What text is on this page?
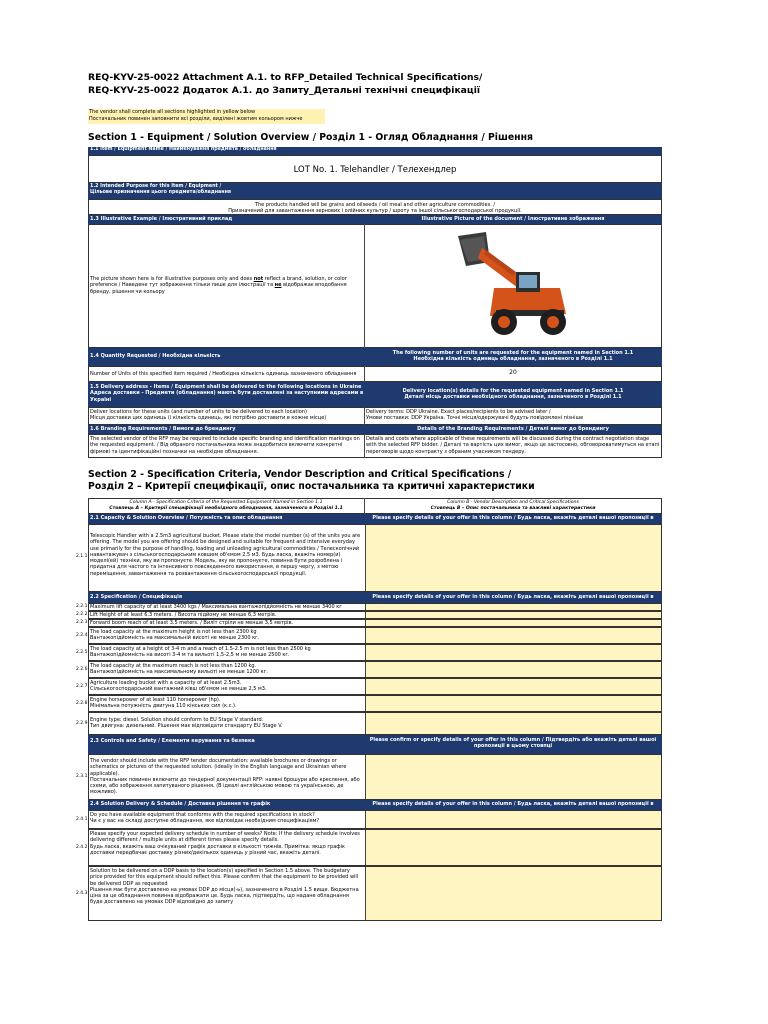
REQ-KYV-25-0022 Attachment A.1. to RFP_Detailed Technical Specifications/
REQ-KYV-25-0022 Додаток А.1. до Запиту_Детальні технічні специфікації
The vendor shall complete all sections highlighted in yellow below
Постачальник повинен заповнити всі розділи, виділені жовтим кольором нижче
Section 1 - Equipment / Solution Overview / Розділ 1 - Огляд Обладнання / Рішення
1.1 Item / Equipment Name / Найменування предмета / обладнання
LOT No. 1. Telehandler / Телехендлер
1.2 Intended Purpose for this Item / Equipment /
Цільове призначення цього предмета/обладнання
The products handled will be grains and oilseeds / oil meal and other agriculture commodities. /
Призначений для завантаження зернових і олійних культур / шроту та іншої сільськогосподарської продукції.
1.3 Illustrative Example / Ілюстративний приклад	Illustrative Picture of the document / Ілюстративне зображення
The picture shown here is for illustrative purposes only and does not reflect a brand, solution, or color preference / Наведене тут зображення тільки лише для ілюстрації та не відображає вподобання бренду, рішення чи кольору
1.4 Quantity Requested / Необхідна кількість	The following number of units are requested for the equipment named in Section 1.1
Необхідна кількість одиниць обладнання, зазначеного в Розділі 1.1
Number of Units of this specified item required / Необхідна кількість одиниць зазначеного обладнання	20
1.5 Delivery address - Items / Equipment shall be delivered to the following locations in Ukraine
Адреса доставки - Предмети (обладнання) мають бути доставлені за наступними адресами в Україні
Delivery location(s) details for the requested equipment named in Section 1.1
Деталі місць доставки необхідного обладнання, зазначеного в Розділі 1.1
Deliver locations for these units (and number of units to be delivered to each location)
Місця доставки цих одиниць (і кількість одиниць, які потрібно доставити в кожне місце)
Delivery terms: DDP Ukraine. Exact places/recipients to be advised later /
Умови поставки: DDP Україна. Точні місця/одержувачі будуть повідомлені пізніше
1.6 Branding Requirements / Вимоги до брендингу	Details of the Branding Requirements / Деталі вимог до брендингу
The selected vendor of the RFP may be required to include specific branding and identification markings on the requested equipment. / Від обраного постачальника може знадобитися включити конкретні фірмові та ідентифікаційні позначки на необхідне обладнання.
Details and costs where applicable of these requirements will be discussed during the contract negotiation stage with the selected RFP bidder. / Деталі та вартість цих вимог, якщо це застосовно, обговорюватимуться на етапі переговорів щодо контракту з обраним учасником тендеру.
Section 2 - Specification Criteria, Vendor Description and Critical Specifications /
Розділ 2 – Критерії специфікації, опис постачальника та критичні характеристики
Column A - Specification Criteria of the Requested Equipment Named in Section 1.1
Стовпець А – Критерії специфікації необхідного обладнання, зазначеного в Розділі 1.1
Column B - Vendor Description and Critical Specifications
Стовпець B – Опис постачальника та важливі характеристики
2.1 Capacity & Solution Overview / Потужність та опис обладнання	Please specify details of your offer in this column / Будь ласка, вкажіть деталі вашої пропозиції в
2.1.1
Telescopic Handler with a 2.5m3 agricultural bucket. Please state the model number (s) of the units you are offering. The model you are offering should be designed and suitable for frequent and intensive everyday use primarily for the purpose of handling, loading and unloading agricultural commodities / Телескопічний навантажувач з сільськогосподарським ковшем об'ємом 2,5 м3. Будь ласка, вкажіть номер(и) моделі(ей) техніки, яку ви пропонуєте. Модель, яку ви пропонуєте, повинна бути розроблена і придатна для частого та інтенсивного повсякденного використання, в першу чергу, з метою переміщення, завантаження та розвантаження сільськогосподарської продукції.
2.2 Specification / Специфікація	Please specify details of your offer in this column / Будь ласка, вкажіть деталі вашої пропозиції в
2.2.1 Maximum lift capacity of at least 3400 kgs / Максимальна вантажопідйомність не менше 3400 кг
2.2.2 Lift Height of at least 6.3 meters. / Висота підйому не менше 6,3 метрів.
2.2.3 Forward boom reach of at least 3.5 meters. / Виліт стріли не менше 3,5 метрів.
2.2.4 The load capacity at the maximum height is not less than 2300 kg
Вантажопідйомність на максимальній висоті не менше 2300 кг.
2.2.5 The load capacity at a height of 3-4 m and a reach of 1.5-2.5 m is not less than 2500 kg
Вантажопідйомність на висоті 3-4 м та вильоті 1,5-2,5 м не менше 2500 кг.
2.2.6 The load capacity at the maximum reach is not less than 1200 kg.
Вантажопідйомність на максимальному вильоті не менше 1200 кг.
2.2.7 Agriculture loading bucket with a capacity of at least 2.5m3.
Сільськогосподарський вантажний ківш об'ємом не менше 2,5 м3.
2.2.8 Engine horsepower of at least 110 horsepower (hp).
Мінімальна потужність двигуна 110 кінських сил (к.с.).
2.2.9 Engine type: diesel. Solution should conform to EU Stage V standard.
Тип двигуна: дизельний. Рішення має відповідати стандарту EU Stage V.
2.3 Controls and Safety / Елементи керування та безпека	Please confirm or specify details of your offer in this column / Підтвердіть або вкажіть деталі вашої пропозиції в цьому стовпці
2.3.1
The vendor should include with the RFP tender documentation: available brochures or drawings or schematics or pictures of the requested solution. (ideally in the English language and Ukrainian where applicable).
Постачальник повинен включити до тендерної документації RFP: наявні брошури або креслення, або схеми, або зображення запитуваного рішення. (В ідеалі англійською мовою та українською, де можливо).
2.4 Solution Delivery & Schedule / Доставка рішення та графік	Please specify details of your offer in this column / Будь ласка, вкажіть деталі вашої пропозиції в
2.4.1
Do you have available equipment that conforms with the required specifications in stock?
Чи є у вас на складі доступне обладнання, яке відповідає необхідним специфікаціям?
2.4.2
Please specify your expected delivery schedule in number of weeks? Note: If the delivery schedule involves delivering different / multiple units at different times please specify details.
Будь ласка, вкажіть ваш очікуваний графік доставки в кількості тижнів. Примітка: якщо графік доставки передбачає доставку різних/декількох одиниць у різний час, вкажіть деталі.
2.4.3
Solution to be delivered on a DDP basis to the location(s) specified in Section 1.5 above. The budgetary price provided for this equipment should reflect this. Please confirm that the equipment to be provided will be delivered DDP as requested
Рішення має бути доставлено на умовах DDP до місця(-ь), зазначеного в Розділі 1.5 вище. Бюджетна ціна за це обладнання повинна відображати це. Будь ласка, підтвердіть, що надане обладнання буде доставлено на умовах DDP відповідно до запиту
